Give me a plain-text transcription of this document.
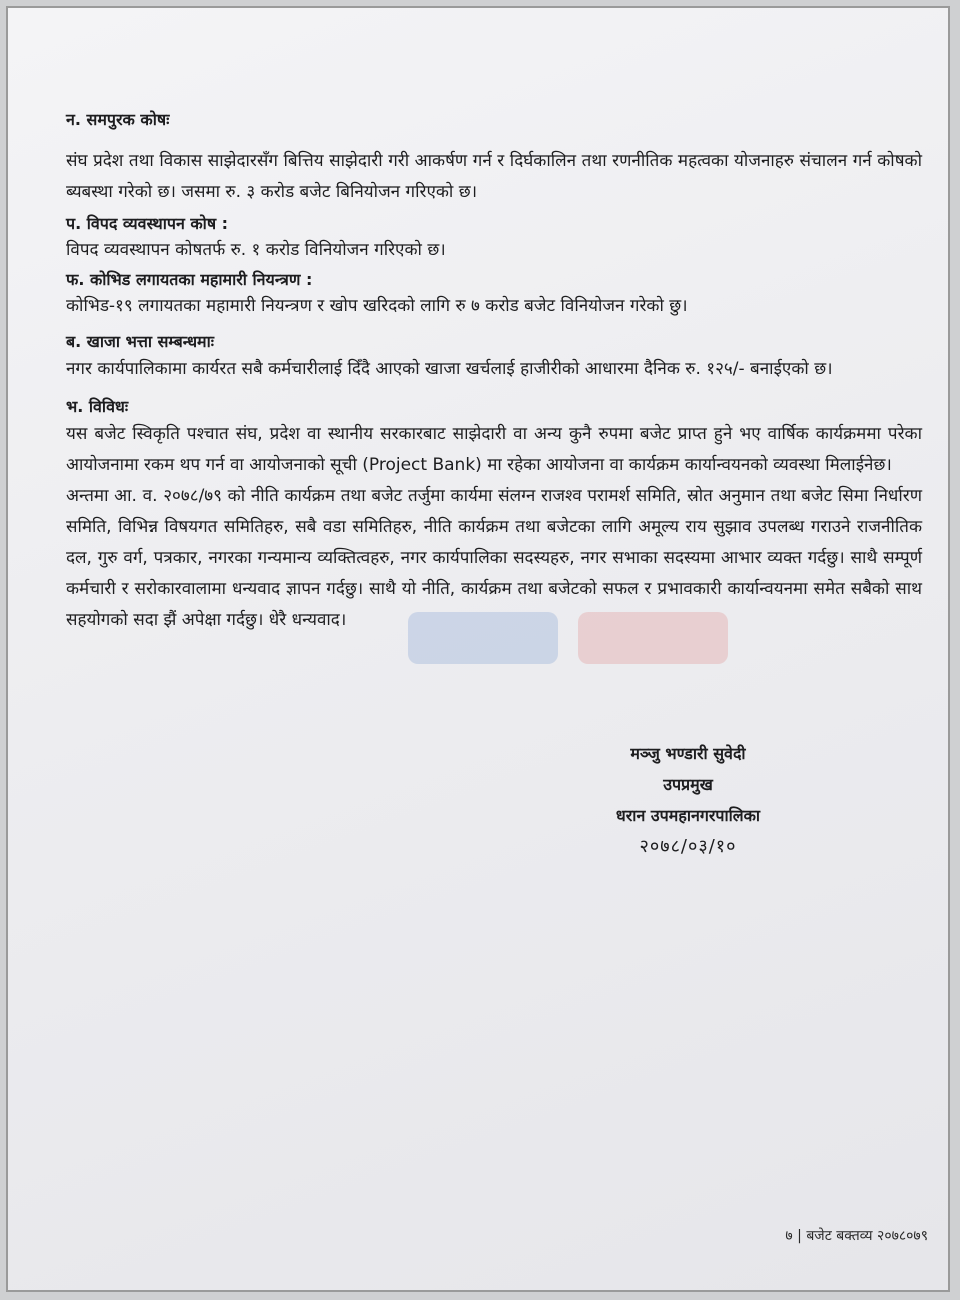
न. समपुरक कोषः

संघ प्रदेश तथा विकास साझेदारसँग बित्तिय साझेदारी गरी आकर्षण गर्न र दिर्घकालिन तथा रणनीतिक महत्वका योजनाहरु संचालन गर्न कोषको ब्यबस्था गरेको छ। जसमा रु. ३ करोड बजेट बिनियोजन गरिएको छ।

प. विपद व्यवस्थापन कोष :

विपद व्यवस्थापन कोषतर्फ रु. १ करोड विनियोजन गरिएको छ।

फ. कोभिड लगायतका महामारी नियन्त्रण :

कोभिड-१९ लगायतका महामारी नियन्त्रण र खोप खरिदको लागि रु ७ करोड बजेट विनियोजन गरेको छु।

ब. खाजा भत्ता सम्बन्धमाः

नगर कार्यपालिकामा कार्यरत सबै कर्मचारीलाई दिँदै आएको खाजा खर्चलाई हाजीरीको आधारमा दैनिक रु. १२५/- बनाईएको छ।

भ. विविधः

यस बजेट स्विकृति पश्चात संघ, प्रदेश वा स्थानीय सरकारबाट साझेदारी वा अन्य कुनै रुपमा बजेट प्राप्त हुने भए वार्षिक कार्यक्रममा परेका आयोजनामा रकम थप गर्न वा आयोजनाको सूची (Project Bank) मा रहेका आयोजना वा कार्यक्रम कार्यान्वयनको व्यवस्था मिलाईनेछ।

अन्तमा आ. व. २०७८/७९ को नीति कार्यक्रम तथा बजेट तर्जुमा कार्यमा संलग्न राजश्व परामर्श समिति, स्रोत अनुमान तथा बजेट सिमा निर्धारण समिति, विभिन्न विषयगत समितिहरु, सबै वडा समितिहरु, नीति कार्यक्रम तथा बजेटका लागि अमूल्य राय सुझाव उपलब्ध गराउने राजनीतिक दल, गुरु वर्ग, पत्रकार, नगरका गन्यमान्य व्यक्तित्वहरु, नगर कार्यपालिका सदस्यहरु, नगर सभाका सदस्यमा आभार व्यक्त गर्दछु। साथै सम्पूर्ण कर्मचारी र सरोकारवालामा धन्यवाद ज्ञापन गर्दछु। साथै यो नीति, कार्यक्रम तथा बजेटको सफल र प्रभावकारी कार्यान्वयनमा समेत सबैको साथ सहयोगको सदा झैं अपेक्षा गर्दछु। धेरै धन्यवाद।

मञ्जु भण्डारी सुवेदी
उपप्रमुख
धरान उपमहानगरपालिका
२०७८/०३/१०
७ | बजेट बक्तव्य २०७८०७९
